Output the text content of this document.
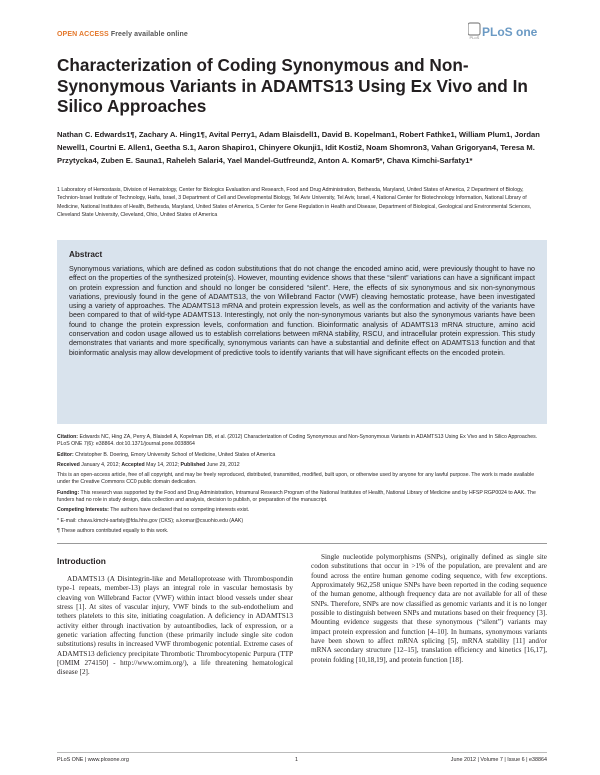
OPEN ACCESS Freely available online	PLoS PLoS one
Characterization of Coding Synonymous and Non-Synonymous Variants in ADAMTS13 Using Ex Vivo and In Silico Approaches

Nathan C. Edwards1¶, Zachary A. Hing1¶, Avital Perry1, Adam Blaisdell1, David B. Kopelman1, Robert Fathke1, William Plum1, Jordan Newell1, Courtni E. Allen1, Geetha S.1, Aaron Shapiro1, Chinyere Okunji1, Idit Kosti2, Noam Shomron3, Vahan Grigoryan4, Teresa M. Przytycka4, Zuben E. Sauna1, Raheleh Salari4, Yael Mandel-Gutfreund2, Anton A. Komar5*, Chava Kimchi-Sarfaty1*

1 Laboratory of Hemostasis, Division of Hematology, Center for Biologics Evaluation and Research, Food and Drug Administration, Bethesda, Maryland, United States of America, 2 Department of Biology, Technion-Israel Institute of Technology, Haifa, Israel, 3 Department of Cell and Developmental Biology, Tel Aviv University, Tel Aviv, Israel, 4 National Center for Biotechnology Information, National Library of Medicine, National Institutes of Health, Bethesda, Maryland, United States of America, 5 Center for Gene Regulation in Health and Disease, Department of Biological, Geological and Environmental Sciences, Cleveland State University, Cleveland, Ohio, United States of America

Abstract

Synonymous variations, which are defined as codon substitutions that do not change the encoded amino acid, were previously thought to have no effect on the properties of the synthesized protein(s). However, mounting evidence shows that these “silent” variations can have a significant impact on protein expression and function and should no longer be considered “silent”. Here, the effects of six synonymous and six non-synonymous variations, previously found in the gene of ADAMTS13, the von Willebrand Factor (VWF) cleaving hemostatic protease, have been investigated using a variety of approaches. The ADAMTS13 mRNA and protein expression levels, as well as the conformation and activity of the variants have been compared to that of wild-type ADAMTS13. Interestingly, not only the non-synonymous variants but also the synonymous variants have been found to change the protein expression levels, conformation and function. Bioinformatic analysis of ADAMTS13 mRNA structure, amino acid conservation and codon usage allowed us to establish correlations between mRNA stability, RSCU, and intracellular protein expression. This study demonstrates that variants and more specifically, synonymous variants can have a substantial and definite effect on ADAMTS13 function and that bioinformatic analysis may allow development of predictive tools to identify variants that will have significant effects on the encoded protein.

Citation: Edwards NC, Hing ZA, Perry A, Blaisdell A, Kopelman DB, et al. (2012) Characterization of Coding Synonymous and Non-Synonymous Variants in ADAMTS13 Using Ex Vivo and In Silico Approaches. PLoS ONE 7(6): e38864. doi:10.1371/journal.pone.0038864

Editor: Christopher B. Doering, Emory University School of Medicine, United States of America

Received January 4, 2012; Accepted May 14, 2012; Published June 29, 2012

This is an open-access article, free of all copyright, and may be freely reproduced, distributed, transmitted, modified, built upon, or otherwise used by anyone for any lawful purpose. The work is made available under the Creative Commons CC0 public domain dedication.

Funding: This research was supported by the Food and Drug Administration, Intramural Research Program of the National Institutes of Health, National Library of Medicine and by HFSP RGP0024 to AAK. The funders had no role in study design, data collection and analysis, decision to publish, or preparation of the manuscript.

Competing Interests: The authors have declared that no competing interests exist.

* E-mail: chava.kimchi-sarfaty@fda.hhs.gov (CKS); a.komar@csuohio.edu (AAK)

¶ These authors contributed equally to this work.

Introduction

ADAMTS13 (A Disintegrin-like and Metalloprotease with Thrombospondin type-1 repeats, member-13) plays an integral role in vascular hemostasis by cleaving von Willebrand Factor (VWF) within intact blood vessels under shear stress [1]. At sites of vascular injury, VWF binds to the sub-endothelium and tethers platelets to this site, initiating coagulation. A deficiency in ADAMTS13 activity either through inactivation by autoantibodies, lack of expression, or a genetic variation affecting function (these primarily include single site codon substitutions) results in increased VWF thrombogenic potential. Extreme cases of ADAMTS13 deficiency precipitate Thrombotic Thrombocytopenic Purpura (TTP [OMIM 274150] - http://www.omim.org/), a life threatening hematological disease [2].

Single nucleotide polymorphisms (SNPs), originally defined as single site codon substitutions that occur in >1% of the population, are prevalent and are found across the entire human genome coding sequence, with few exceptions. Approximately 962,258 unique SNPs have been reported in the coding sequence of the human genome, although frequency data are not available for all of these SNPs. Therefore, SNPs are now classified as genomic variants and it is no longer possible to distinguish between SNPs and mutations based on their frequency [3]. Mounting evidence suggests that these synonymous (“silent”) variants may impact protein expression and function [4–10]. In humans, synonymous variants have been shown to affect mRNA splicing [5], mRNA stability [11] and/or mRNA secondary structure [12–15], translation efficiency and kinetics [16,17], protein folding [10,18,19], and protein function [18].

PLoS ONE | www.plosone.org	1	June 2012 | Volume 7 | Issue 6 | e38864
